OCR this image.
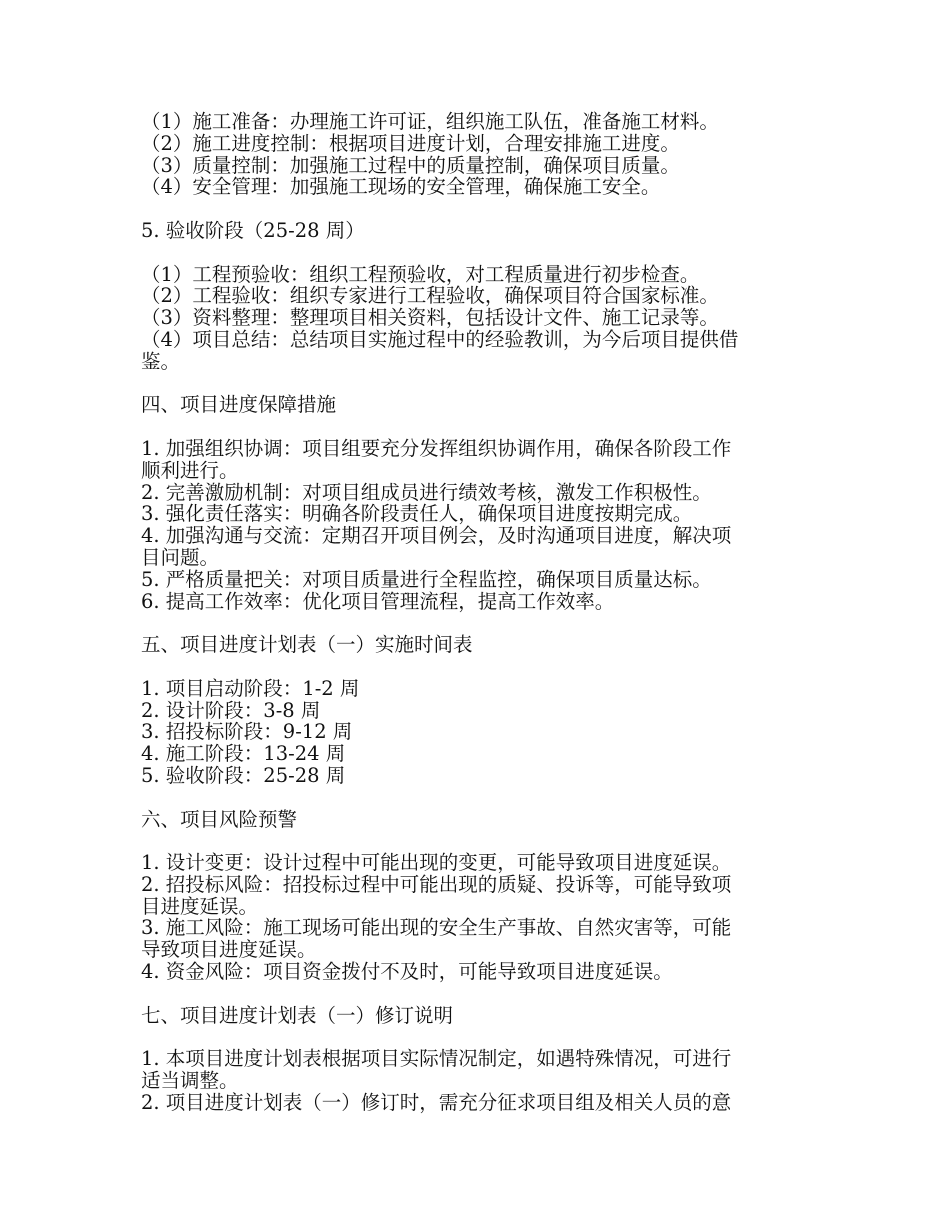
（1）施工准备：办理施工许可证，组织施工队伍，准备施工材料。
（2）施工进度控制：根据项目进度计划，合理安排施工进度。
（3）质量控制：加强施工过程中的质量控制，确保项目质量。
（4）安全管理：加强施工现场的安全管理，确保施工安全。
5. 验收阶段（25-28 周）
（1）工程预验收：组织工程预验收，对工程质量进行初步检查。
（2）工程验收：组织专家进行工程验收，确保项目符合国家标准。
（3）资料整理：整理项目相关资料，包括设计文件、施工记录等。
（4）项目总结：总结项目实施过程中的经验教训，为今后项目提供借
鉴。
四、项目进度保障措施
1. 加强组织协调：项目组要充分发挥组织协调作用，确保各阶段工作
顺利进行。
2. 完善激励机制：对项目组成员进行绩效考核，激发工作积极性。
3. 强化责任落实：明确各阶段责任人，确保项目进度按期完成。
4. 加强沟通与交流：定期召开项目例会，及时沟通项目进度，解决项
目问题。
5. 严格质量把关：对项目质量进行全程监控，确保项目质量达标。
6. 提高工作效率：优化项目管理流程，提高工作效率。
五、项目进度计划表（一）实施时间表
1. 项目启动阶段：1-2 周
2. 设计阶段：3-8 周
3. 招投标阶段：9-12 周
4. 施工阶段：13-24 周
5. 验收阶段：25-28 周
六、项目风险预警
1. 设计变更：设计过程中可能出现的变更，可能导致项目进度延误。
2. 招投标风险：招投标过程中可能出现的质疑、投诉等，可能导致项
目进度延误。
3. 施工风险：施工现场可能出现的安全生产事故、自然灾害等，可能
导致项目进度延误。
4. 资金风险：项目资金拨付不及时，可能导致项目进度延误。
七、项目进度计划表（一）修订说明
1. 本项目进度计划表根据项目实际情况制定，如遇特殊情况，可进行
适当调整。
2. 项目进度计划表（一）修订时，需充分征求项目组及相关人员的意
